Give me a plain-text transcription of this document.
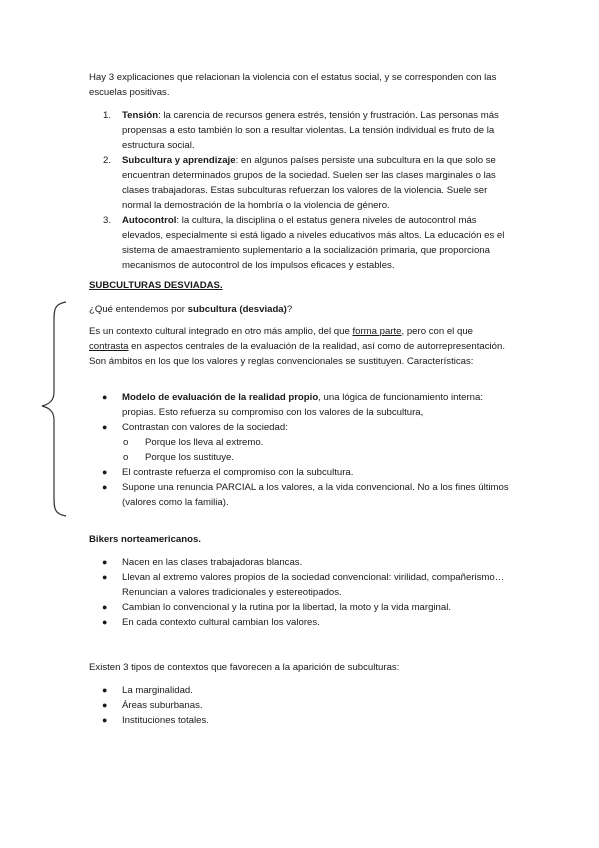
Hay 3 explicaciones que relacionan la violencia con el estatus social, y se corresponden con las escuelas positivas.

1. Tensión: la carencia de recursos genera estrés, tensión y frustración. Las personas más propensas a esto también lo son a resultar violentas. La tensión individual es fruto de la estructura social.
2. Subcultura y aprendizaje: en algunos países persiste una subcultura en la que solo se encuentran determinados grupos de la sociedad. Suelen ser las clases marginales o las clases trabajadoras. Estas subculturas refuerzan los valores de la violencia. Suele ser normal la demostración de la hombría o la violencia de género.
3. Autocontrol: la cultura, la disciplina o el estatus genera niveles de autocontrol más elevados, especialmente si está ligado a niveles educativos más altos. La educación es el sistema de amaestramiento suplementario a la socialización primaria, que proporciona mecanismos de autocontrol de los impulsos eficaces y estables.

SUBCULTURAS DESVIADAS.

¿Qué entendemos por subcultura (desviada)?

Es un contexto cultural integrado en otro más amplio, del que forma parte, pero con el que contrasta en aspectos centrales de la evaluación de la realidad, así como de autorrepresentación. Son ámbitos en los que los valores y reglas convencionales se sustituyen. Características:

● Modelo de evaluación de la realidad propio, una lógica de funcionamiento interna: propias. Esto refuerza su compromiso con los valores de la subcultura,
● Contrastan con valores de la sociedad:
o Porque los lleva al extremo.
o Porque los sustituye.
● El contraste refuerza el compromiso con la subcultura.
● Supone una renuncia PARCIAL a los valores, a la vida convencional. No a los fines últimos (valores como la familia).

Bikers norteamericanos.

● Nacen en las clases trabajadoras blancas.
● Llevan al extremo valores propios de la sociedad convencional: virilidad, compañerismo… Renuncian a valores tradicionales y estereotipados.
● Cambian lo convencional y la rutina por la libertad, la moto y la vida marginal.
● En cada contexto cultural cambian los valores.

Existen 3 tipos de contextos que favorecen a la aparición de subculturas:

● La marginalidad.
● Áreas suburbanas.
● Instituciones totales.
